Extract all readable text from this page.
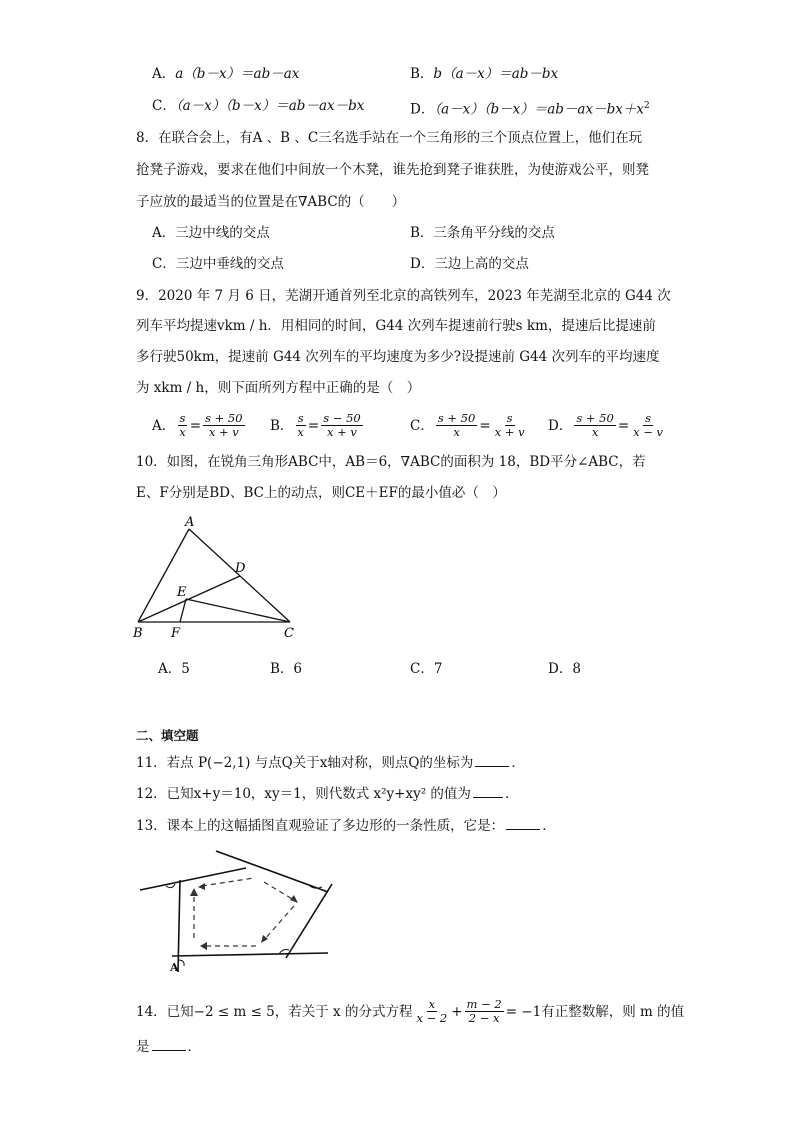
A．a（b－x）＝ab－ax	B．b（a－x）＝ab－bx
C．（a－x）（b－x）＝ab－ax－bx	D．$(a-x)(b-x)=ab-ax-bx+x^2$
8．在联合会上，有A 、B 、C三名选手站在一个三角形的三个顶点位置上，他们在玩
抢凳子游戏，要求在他们中间放一个木凳，谁先抢到凳子谁获胜，为使游戏公平，则凳
子应放的最适当的位置是在∇ABC的（　　）
A．三边中线的交点	B．三条角平分线的交点
C．三边中垂线的交点	D．三边上高的交点
9．2020 年 7 月 6 日，芜湖开通首列至北京的高铁列车，2023 年芜湖至北京的 G44 次
列车平均提速vkm / h．用相同的时间，G44 次列车提速前行驶s km，提速后比提速前
多行驶50km，提速前 G44 次列车的平均速度为多少?设提速前 G44 次列车的平均速度
为 xkm / h，则下面所列方程中正确的是（　）
A． $\frac{s}{x} = \frac{s + 50}{x + v}$ B． $\frac{s}{x} = \frac{s - 50}{x + v}$	C． $\frac{s + 50}{x} = \frac{s}{x + v}$ D． $\frac{s + 50}{x} = \frac{s}{x - v}$
10．如图，在锐角三角形ABC中，AB＝6，∇ABC的面积为 18，BD平分∠ABC，若
E、F分别是BD、BC上的动点，则CE＋EF的最小值必（　）
A
B	C
D
E
F
A．5	B．6	C．7	D．8
二、填空题
11．若点 P(−2,1) 与点Q关于x轴对称，则点Q的坐标为	．
12．已知x+y＝10，xy＝1，则代数式 x²y+xy² 的值为	．
13．课本上的这幅插图直观验证了多边形的一条性质，它是：	．
A
14．已知−2 ≤ m ≤ 5，若关于 x 的分式方程 $\frac{x}{x - 2} + \frac{m - 2}{2 - x} = -1$有正整数解，则 m 的值
是	．
